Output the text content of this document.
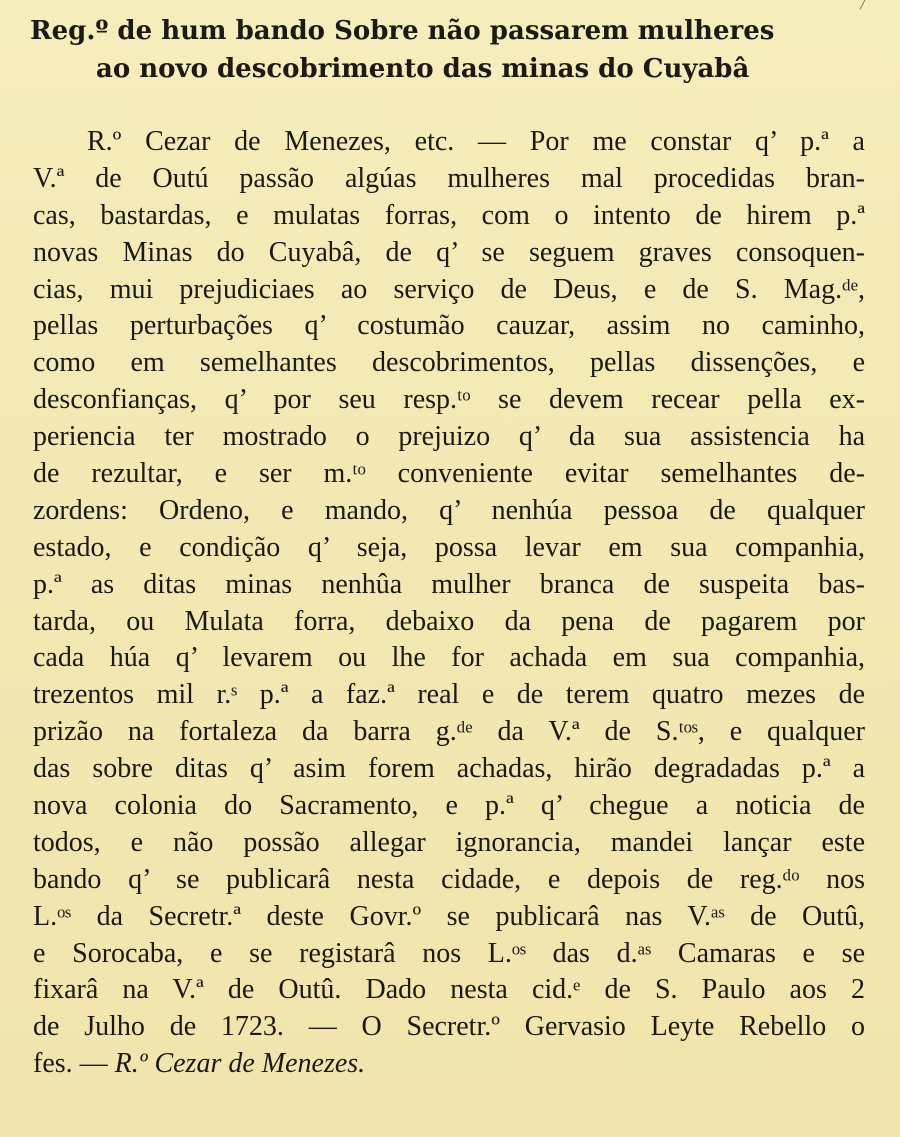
╱
Reg.º de hum bando Sobre não passarem mulheres
ao novo descobrimento das minas do Cuyabâ
R.º Cezar de Menezes, etc. — Por me constar q’ p.ª a
V.ª de Outú passão algúas mulheres mal procedidas bran-
cas, bastardas, e mulatas forras, com o intento de hirem p.ª
novas Minas do Cuyabâ, de q’ se seguem graves consoquen-
cias, mui prejudiciaes ao serviço de Deus, e de S. Mag.ᵈᵉ,
pellas perturbações q’ costumão cauzar, assim no caminho,
como em semelhantes descobrimentos, pellas dissenções, e
desconfianças, q’ por seu resp.ᵗᵒ se devem recear pella ex-
periencia ter mostrado o prejuizo q’ da sua assistencia ha
de rezultar, e ser m.ᵗᵒ conveniente evitar semelhantes de-
zordens: Ordeno, e mando, q’ nenhúa pessoa de qualquer
estado, e condição q’ seja, possa levar em sua companhia,
p.ª as ditas minas nenhûa mulher branca de suspeita bas-
tarda, ou Mulata forra, debaixo da pena de pagarem por
cada húa q’ levarem ou lhe for achada em sua companhia,
trezentos mil r.ˢ p.ª a faz.ª real e de terem quatro mezes de
prizão na fortaleza da barra g.ᵈᵉ da V.ª de S.ᵗᵒˢ, e qualquer
das sobre ditas q’ asim forem achadas, hirão degradadas p.ª a
nova colonia do Sacramento, e p.ª q’ chegue a noticia de
todos, e não possão allegar ignorancia, mandei lançar este
bando q’ se publicarâ nesta cidade, e depois de reg.ᵈᵒ nos
L.ᵒˢ da Secretr.ª deste Govr.º se publicarâ nas V.ᵃˢ de Outû,
e Sorocaba, e se registarâ nos L.ᵒˢ das d.ᵃˢ Camaras e se
fixarâ na V.ª de Outû. Dado nesta cid.ᵉ de S. Paulo aos 2
de Julho de 1723. — O Secretr.º Gervasio Leyte Rebello o
fes. — R.º Cezar de Menezes.
